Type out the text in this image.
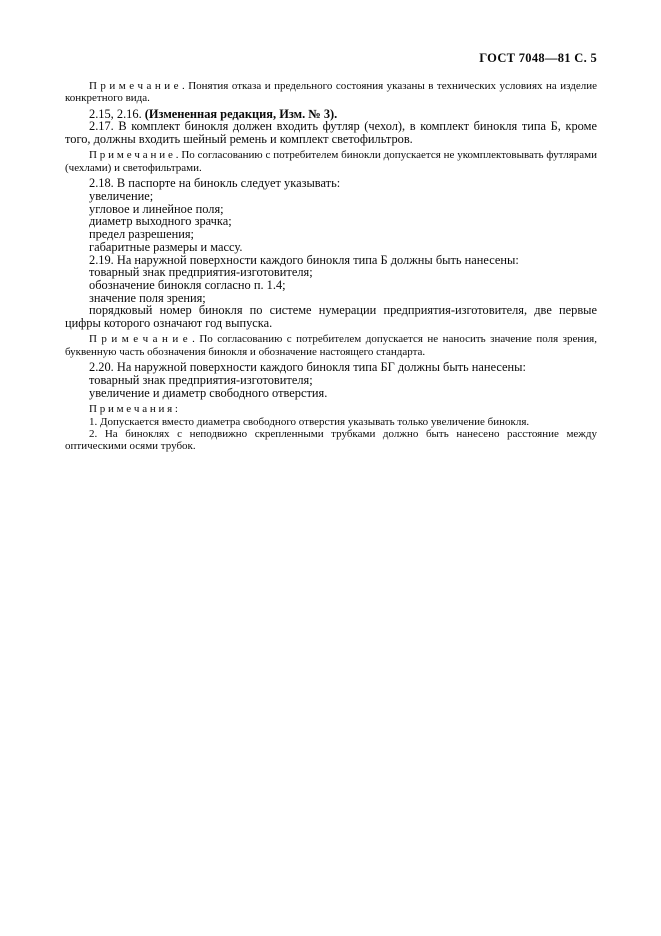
ГОСТ 7048—81 С. 5

П р и м е ч а н и е . Понятия отказа и предельного состояния указаны в технических условиях на изделие конкретного вида.

2.15, 2.16. (Измененная редакция, Изм. № 3).

2.17. В комплект бинокля должен входить футляр (чехол), в комплект бинокля типа Б, кроме того, должны входить шейный ремень и комплект светофильтров.

П р и м е ч а н и е . По согласованию с потребителем бинокли допускается не укомплектовывать футлярами (чехлами) и светофильтрами.

2.18. В паспорте на бинокль следует указывать:

увеличение;

угловое и линейное поля;

диаметр выходного зрачка;

предел разрешения;

габаритные размеры и массу.

2.19. На наружной поверхности каждого бинокля типа Б должны быть нанесены:

товарный знак предприятия-изготовителя;

обозначение бинокля согласно п. 1.4;

значение поля зрения;

порядковый номер бинокля по системе нумерации предприятия-изготовителя, две первые цифры которого означают год выпуска.

П р и м е ч а н и е . По согласованию с потребителем допускается не наносить значение поля зрения, буквенную часть обозначения бинокля и обозначение настоящего стандарта.

2.20. На наружной поверхности каждого бинокля типа БГ должны быть нанесены:

товарный знак предприятия-изготовителя;

увеличение и диаметр свободного отверстия.

П р и м е ч а н и я :

1. Допускается вместо диаметра свободного отверстия указывать только увеличение бинокля.

2. На биноклях с неподвижно скрепленными трубками должно быть нанесено расстояние между оптическими осями трубок.
